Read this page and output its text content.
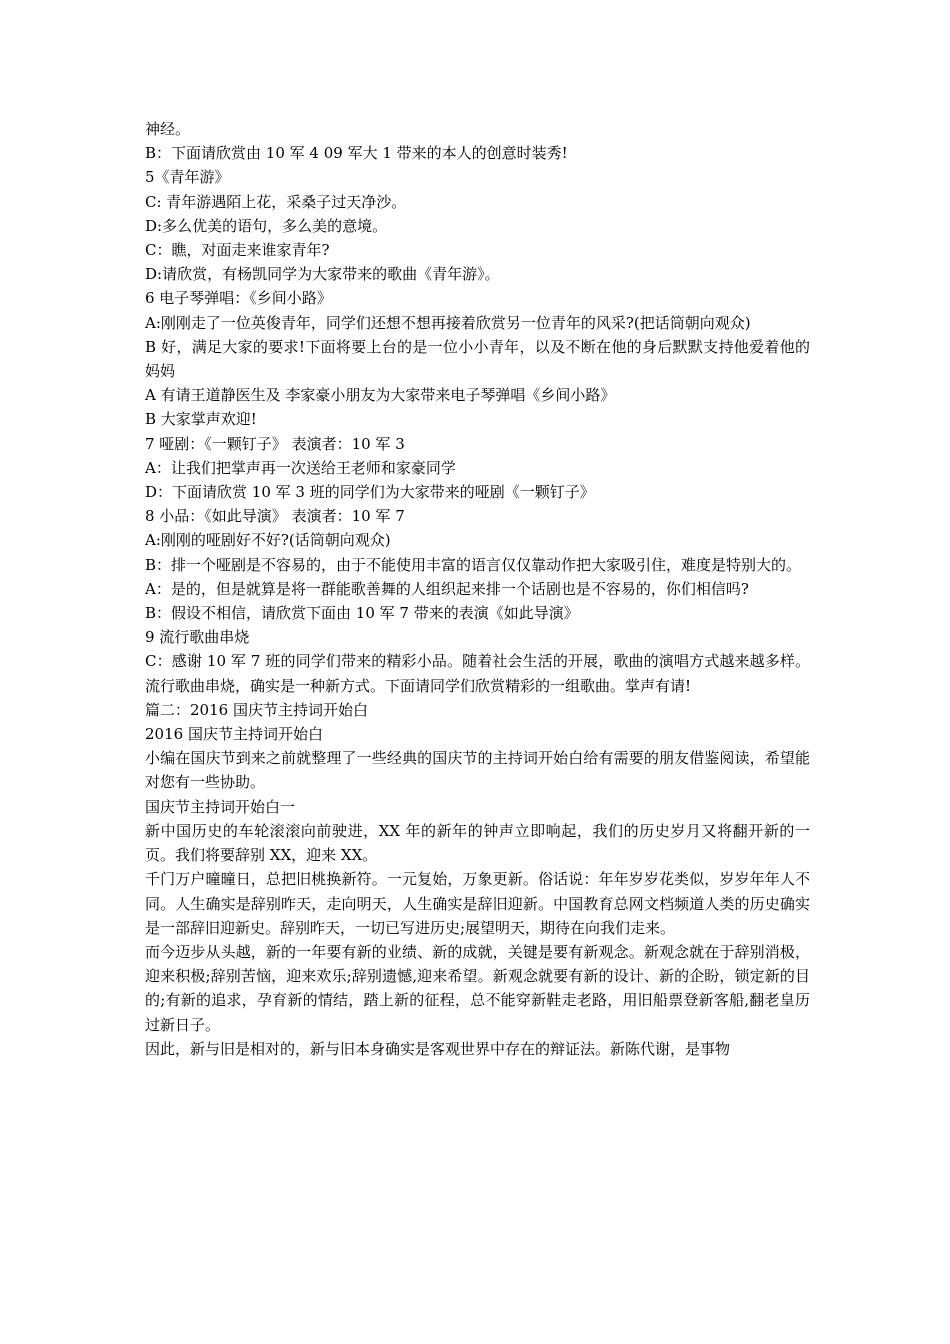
神经。

B：下面请欣赏由 10 军 4 09 军大 1 带来的本人的创意时装秀!

5《青年游》

C: 青年游遇陌上花，采桑子过天净沙。

D:多么优美的语句，多么美的意境。

C：瞧，对面走来谁家青年?

D:请欣赏，有杨凯同学为大家带来的歌曲《青年游》。

6 电子琴弹唱：《乡间小路》

A:刚刚走了一位英俊青年，同学们还想不想再接着欣赏另一位青年的风采?(把话筒朝向观众)

B 好，满足大家的要求!下面将要上台的是一位小小青年，以及不断在他的身后默默支持他爱着他的妈妈

A 有请王道静医生及 李家豪小朋友为大家带来电子琴弹唱《乡间小路》

B 大家掌声欢迎!

7 哑剧：《一颗钉子》 表演者：10 军 3

A：让我们把掌声再一次送给王老师和家豪同学

D：下面请欣赏 10 军 3 班的同学们为大家带来的哑剧《一颗钉子》

8 小品：《如此导演》 表演者：10 军 7

A:刚刚的哑剧好不好?(话筒朝向观众)

B：排一个哑剧是不容易的，由于不能使用丰富的语言仅仅靠动作把大家吸引住，难度是特别大的。

A：是的，但是就算是将一群能歌善舞的人组织起来排一个话剧也是不容易的，你们相信吗?

B：假设不相信，请欣赏下面由 10 军 7 带来的表演《如此导演》

9 流行歌曲串烧

C：感谢 10 军 7 班的同学们带来的精彩小品。随着社会生活的开展，歌曲的演唱方式越来越多样。流行歌曲串烧，确实是一种新方式。下面请同学们欣赏精彩的一组歌曲。掌声有请!

篇二：2016 国庆节主持词开始白

2016 国庆节主持词开始白

小编在国庆节到来之前就整理了一些经典的国庆节的主持词开始白给有需要的朋友借鉴阅读，希望能对您有一些协助。

国庆节主持词开始白一

新中国历史的车轮滚滚向前驶进，XX 年的新年的钟声立即响起，我们的历史岁月又将翻开新的一页。我们将要辞别 XX，迎来 XX。

千门万户曈曈日，总把旧桃换新符。一元复始，万象更新。俗话说：年年岁岁花类似，岁岁年年人不同。人生确实是辞别昨天，走向明天，人生确实是辞旧迎新。中国教育总网文档频道人类的历史确实是一部辞旧迎新史。辞别昨天，一切已写进历史;展望明天，期待在向我们走来。

而今迈步从头越，新的一年要有新的业绩、新的成就，关键是要有新观念。新观念就在于辞别消极，迎来积极;辞别苦恼，迎来欢乐;辞别遗憾,迎来希望。新观念就要有新的设计、新的企盼，锁定新的目的;有新的追求，孕育新的情结，踏上新的征程，总不能穿新鞋走老路，用旧船票登新客船,翻老皇历过新日子。

因此，新与旧是相对的，新与旧本身确实是客观世界中存在的辩证法。新陈代谢，是事物
